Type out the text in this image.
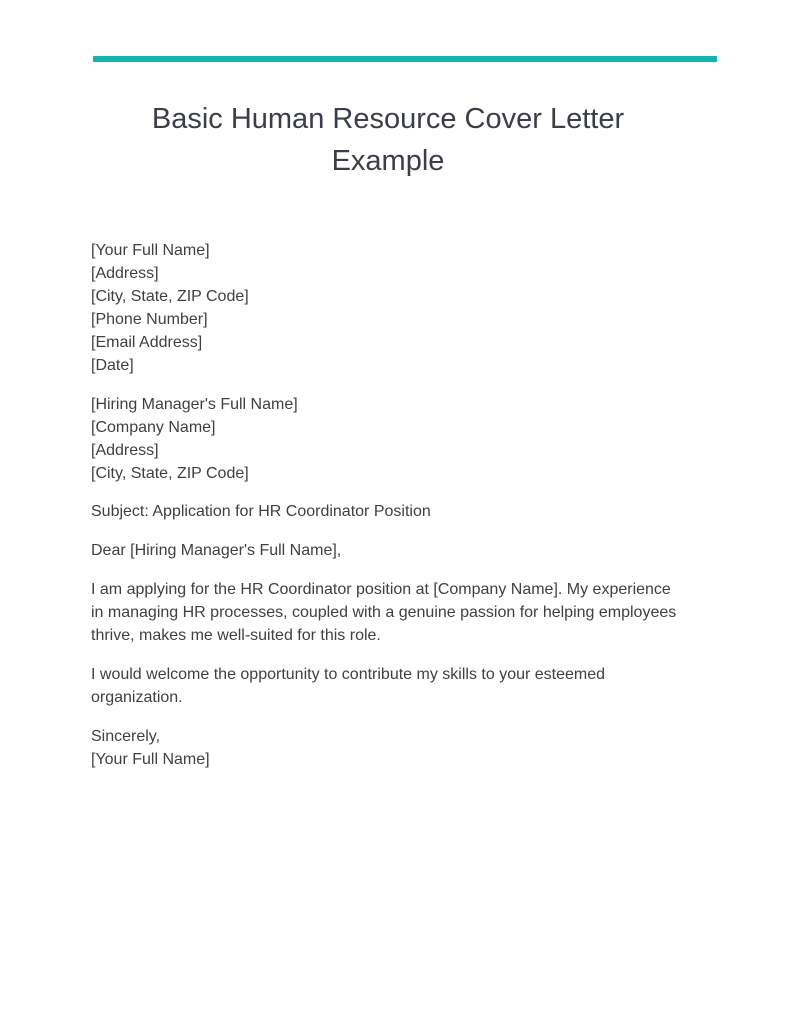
Basic Human Resource Cover Letter Example
[Your Full Name]
[Address]
[City, State, ZIP Code]
[Phone Number]
[Email Address]
[Date]
[Hiring Manager's Full Name]
[Company Name]
[Address]
[City, State, ZIP Code]

Subject: Application for HR Coordinator Position

Dear [Hiring Manager's Full Name],

I am applying for the HR Coordinator position at [Company Name]. My experience in managing HR processes, coupled with a genuine passion for helping employees thrive, makes me well-suited for this role.

I would welcome the opportunity to contribute my skills to your esteemed organization.

Sincerely,
[Your Full Name]
